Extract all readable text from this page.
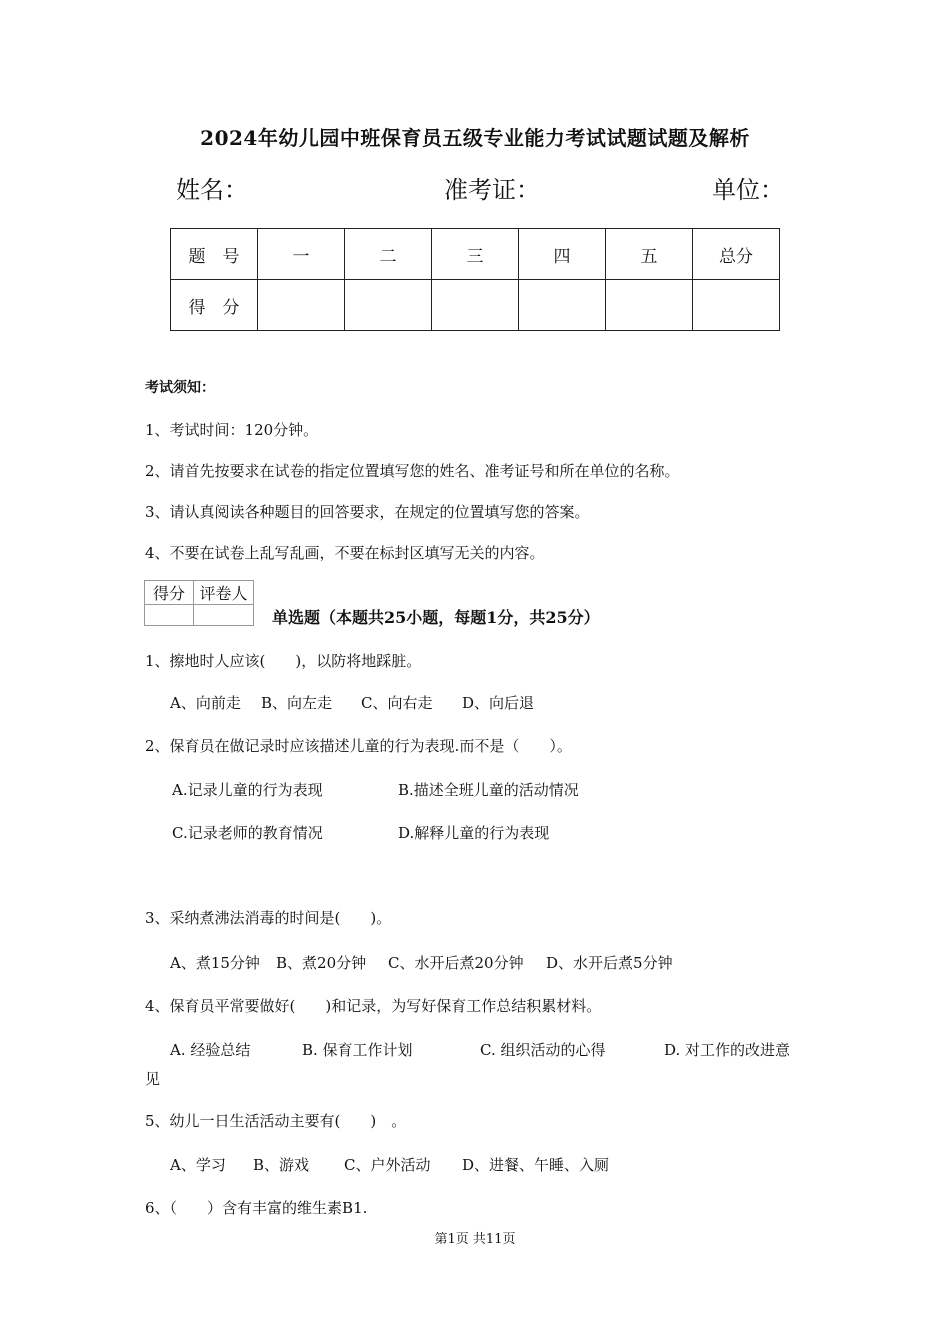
2024年幼儿园中班保育员五级专业能力考试试题试题及解析
姓名：	准考证：	单位：
题　号	一	二	三	四	五	总分
得　分						
考试须知：
1、考试时间：120分钟。
2、请首先按要求在试卷的指定位置填写您的姓名、准考证号和所在单位的名称。
3、请认真阅读各种题目的回答要求，在规定的位置填写您的答案。
4、不要在试卷上乱写乱画，不要在标封区填写无关的内容。
得分	评卷人

单选题（本题共25小题，每题1分，共25分）
1、擦地时人应该(　　)，以防将地踩脏。
A、向前走 B、向左走 C、向右走 D、向后退
2、保育员在做记录时应该描述儿童的行为表现.而不是（　　）。
A.记录儿童的行为表现	B.描述全班儿童的活动情况
C.记录老师的教育情况	D.解释儿童的行为表现
3、采纳煮沸法消毒的时间是(　　)。
A、煮15分钟 B、煮20分钟 C、水开后煮20分钟 D、水开后煮5分钟
4、保育员平常要做好(　　)和记录，为写好保育工作总结积累材料。
A. 经验总结	B. 保育工作计划	C. 组织活动的心得	D. 对工作的改进意
见
5、幼儿一日生活活动主要有(　　)　。
A、学习 B、游戏 C、户外活动 D、进餐、午睡、入厕
6、（　　）含有丰富的维生素B1.
第1页 共11页
